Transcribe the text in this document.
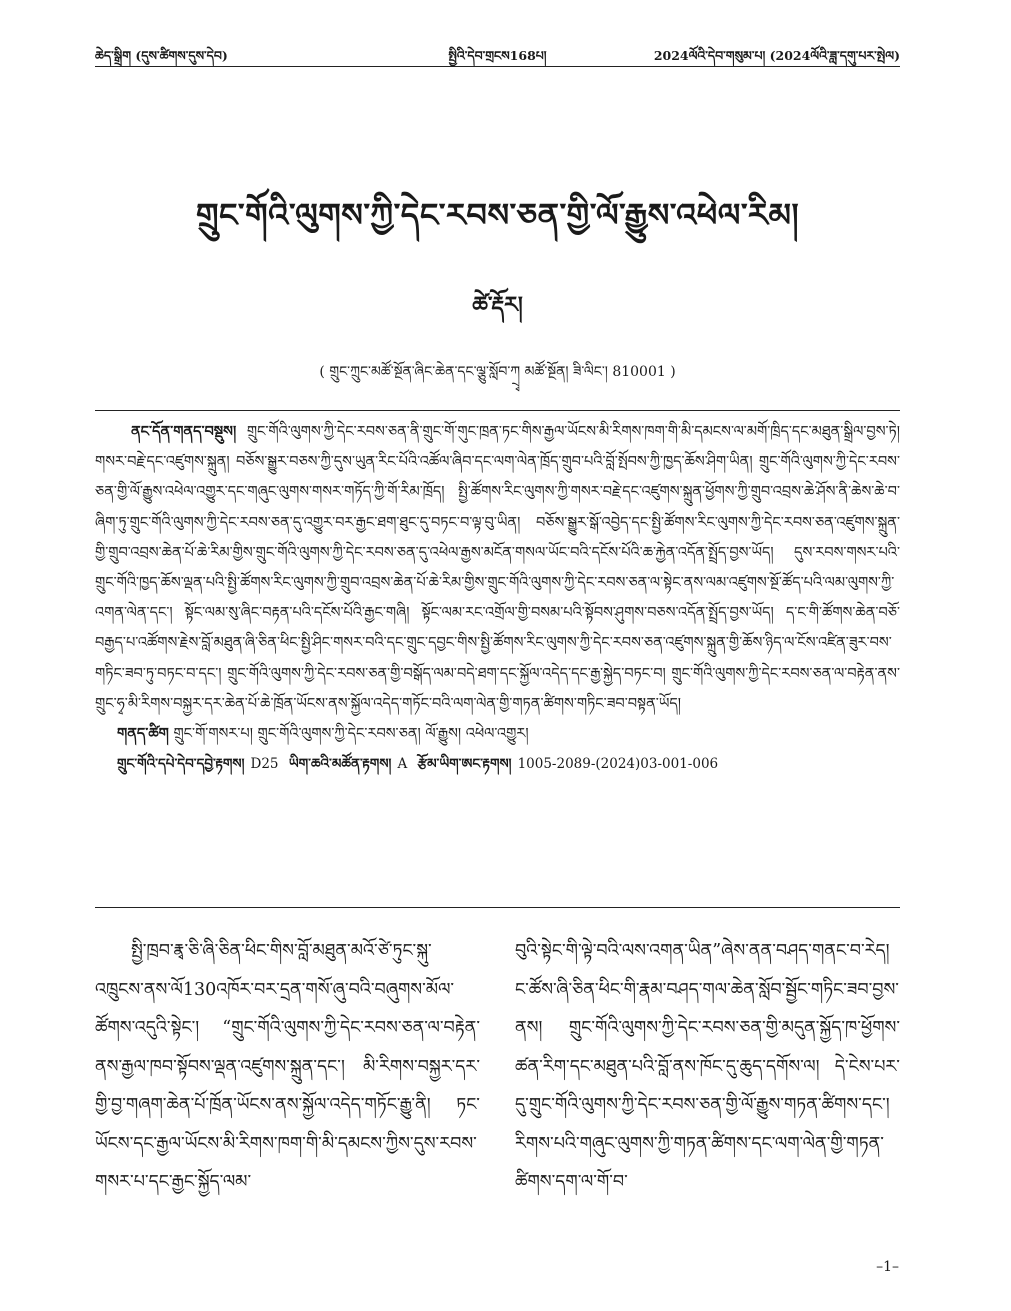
ཆེད་སྒྲིག (དུས་ཚིགས་དུས་དེབ)	སྤྱིའི་དེབ་གྲངས168པ།	2024ལོའི་དེབ་གསུམ་པ། (2024ལོའི་ཟླ་དགུ་པར་སྤེལ)
གྲུང་གོའི་ལུགས་ཀྱི་དེང་རབས་ཅན་གྱི་ལོ་རྒྱུས་འཕེལ་རིམ།
ཚེ་རྡོར།
( གྲུང་ཀྲུང་མཚོ་སྔོན་ཞིང་ཆེན་དང་ལྕུ་སློབ་ཀྲྭ མཚོ་སྔོན། ཟི་ལིང་། 810001 )

ནང་དོན་གནད་བསྡུས། གྲུང་གོའི་ལུགས་ཀྱི་དེང་རབས་ཅན་ནི་གྲུང་གོ་གུང་ཁྲན་ཏང་གིས་རྒྱལ་ཡོངས་མི་རིགས་ཁག་གི་མི་དམངས་ལ་མགོ་ཁྲིད་དང་མཐུན་སྒྲིལ་བྱས་ཏེ། གསར་བརྗེ་དང་འཛུགས་སྐྲུན། བཅོས་སྒྱུར་བཅས་ཀྱི་དུས་ཡུན་རིང་པོའི་འཚོལ་ཞིབ་དང་ལག་ལེན་ཁྲོད་གྲུབ་པའི་བློ་སྤོབས་ཀྱི་ཁྱད་ཆོས་ཤིག་ཡིན། གྲུང་གོའི་ལུགས་ཀྱི་དེང་རབས་ཅན་གྱི་ལོ་རྒྱུས་འཕེལ་འགྱུར་དང་གཞུང་ལུགས་གསར་གཏོད་ཀྱི་གོ་རིམ་ཁྲོད། སྤྱི་ཚོགས་རིང་ལུགས་ཀྱི་གསར་བརྗེ་དང་འཛུགས་སྐྲུན་ཕྱོགས་ཀྱི་གྲུབ་འབྲས་ཆེ་ཤོས་ནི་ཆེས་ཆེ་བ་ཞིག་ཏུ་གྲུང་གོའི་ལུགས་ཀྱི་དེང་རབས་ཅན་དུ་འགྱུར་བར་རྒྱང་ཐག་ཐུང་དུ་བཏང་བ་ལྟ་བུ་ཡིན། བཅོས་སྒྱུར་སྒོ་འབྱེད་དང་སྤྱི་ཚོགས་རིང་ལུགས་ཀྱི་དེང་རབས་ཅན་འཛུགས་སྐྲུན་གྱི་གྲུབ་འབྲས་ཆེན་པོ་ཆེ་རིམ་གྱིས་གྲུང་གོའི་ལུགས་ཀྱི་དེང་རབས་ཅན་དུ་འཕེལ་རྒྱས་མངོན་གསལ་ཡོང་བའི་དངོས་པོའི་ཆ་རྐྱེན་འདོན་སྤྲོད་བྱས་ཡོད། དུས་རབས་གསར་པའི་གྲུང་གོའི་ཁྱད་ཆོས་ལྡན་པའི་སྤྱི་ཚོགས་རིང་ལུགས་ཀྱི་གྲུབ་འབྲས་ཆེན་པོ་ཆེ་རིམ་གྱིས་གྲུང་གོའི་ལུགས་ཀྱི་དེང་རབས་ཅན་ལ་སྟེང་ནས་ལམ་འཛུགས་སྔོ་ཚོད་པའི་ལམ་ལུགས་ཀྱི་འགན་ལེན་དང་། སྟོང་ལམ་སུ་ཞིང་བརྟན་པའི་དངོས་པོའི་རྒྱང་གཞི། སྟོང་ལམ་རང་འགྲོལ་གྱི་བསམ་པའི་སྟོབས་ཤུགས་བཅས་འདོན་སྤྲོད་བྱས་ཡོད། ད་ང་གི་ཚོགས་ཆེན་བཅོ་བརྒྱད་པ་འཚོགས་རྗེས་བློ་མཐུན་ཞི་ཅིན་ཕིང་སྤྱི་ཤིང་གསར་བའི་དང་གྲུང་དབྱང་གིས་སྤྱི་ཚོགས་རིང་ལུགས་ཀྱི་དེང་རབས་ཅན་འཛུགས་སྐྲུན་གྱི་ཆོས་ཉིད་ལ་ངོས་འཛིན་ཟུར་བས་གཏིང་ཟབ་ཏུ་བཏང་བ་དང་། གྲུང་གོའི་ལུགས་ཀྱི་དེང་རབས་ཅན་གྱི་བསྒོད་ལམ་བདེ་ཐག་དང་སྐྱོལ་འདེད་དང་རྒྱ་སྐྱེད་བཏང་བ། གྲུང་གོའི་ལུགས་ཀྱི་དེང་རབས་ཅན་ལ་བརྟེན་ནས་གྲུང་ཧྭ་མི་རིགས་བསྐྱར་དར་ཆེན་པོ་ཆེ་ཁྲོན་ཡོངས་ནས་སྐྱོལ་འདེད་གཏོང་བའི་ལག་ལེན་གྱི་གཏན་ཚིགས་གཏིང་ཟབ་བསྟན་ཡོད།

གནད་ཚིག གྲུང་གོ་གསར་པ། གྲུང་གོའི་ལུགས་ཀྱི་དེང་རབས་ཅན། ལོ་རྒྱུས། འཕེལ་འགྱུར།

གྲུང་གོའི་དཔེ་དེབ་དབྱེ་རྟགས། D25 ཡིག་ཆའི་མཚོན་རྟགས། A རྩོམ་ཡིག་ཨང་རྟགས། 1005-2089-(2024)03-001-006

སྤྱི་ཁྲབ་རྣྭ་ཅི་ཞི་ཅིན་ཕིང་གིས་བློ་མཐུན་མའོ་ཙེ་ཏུང་སྐུ་འཁྲུངས་ནས་ལོ130འཁོར་བར་དྲན་གསོ་ཞུ་བའི་བཞུགས་མོལ་ཚོགས་འདུའི་སྟེང་། “གྲུང་གོའི་ལུགས་ཀྱི་དེང་རབས་ཅན་ལ་བརྟེན་ནས་རྒྱལ་ཁབ་སྟོབས་ལྡན་འཛུགས་སྐྲུན་དང་། མི་རིགས་བསྐྱར་དར་གྱི་བྱ་གཞག་ཆེན་པོ་ཁྲོན་ཡོངས་ནས་སྐྱོལ་འདེད་གཏོང་རྒྱུ་ནི། ཏང་ཡོངས་དང་རྒྱལ་ཡོངས་མི་རིགས་ཁག་གི་མི་དམངས་ཀྱིས་དུས་རབས་གསར་པ་དང་རྒྱང་སྐྱོད་ལམ་

བུའི་སྟེང་གི་ལྟེ་བའི་ལས་འགན་ཡིན”ཞེས་ནན་བཤད་གནང་བ་རེད། ང་ཚོས་ཞི་ཅིན་ཕིང་གི་རྣམ་བཤད་གལ་ཆེན་སློབ་སྦྱོང་གཏིང་ཟབ་བྱས་ནས། གྲུང་གོའི་ལུགས་ཀྱི་དེང་རབས་ཅན་གྱི་མདུན་སྐྱོད་ཁ་ཕྱོགས་ཚན་རིག་དང་མཐུན་པའི་བློ་ནས་ཁོང་དུ་ཆུད་དགོས་ལ། དེ་ངེས་པར་དུ་གྲུང་གོའི་ལུགས་ཀྱི་དེང་རབས་ཅན་གྱི་ལོ་རྒྱུས་གཏན་ཚིགས་དང་། རིགས་པའི་གཞུང་ལུགས་ཀྱི་གཏན་ཚིགས་དང་ལག་ལེན་གྱི་གཏན་ཚིགས་དག་ལ་གོ་བ་

–1–
